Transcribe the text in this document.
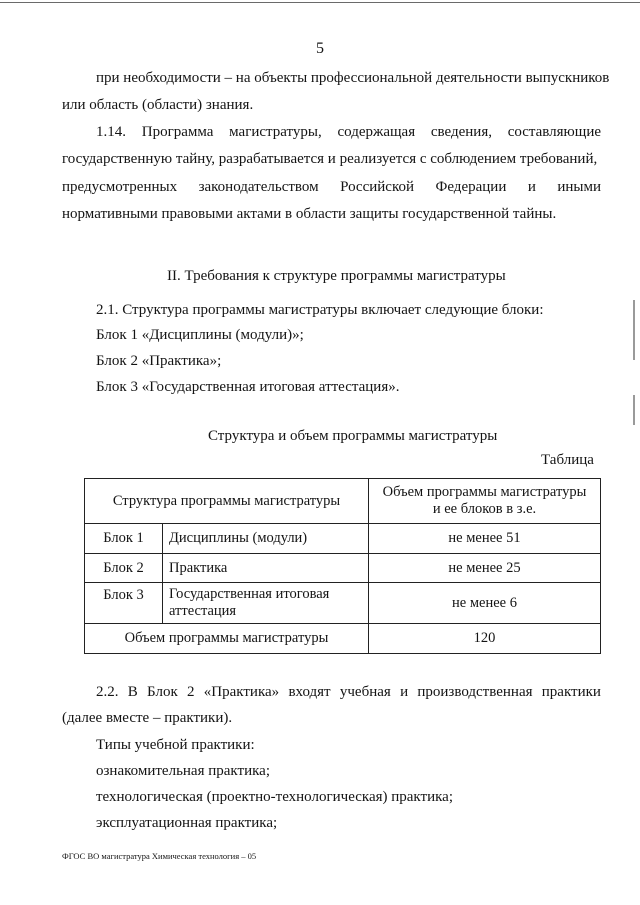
5
при необходимости – на объекты профессиональной деятельности выпускников
или область (области) знания.
1.14. Программа магистратуры, содержащая сведения, составляющие
государственную тайну, разрабатывается и реализуется с соблюдением требований,
предусмотренных законодательством Российской Федерации и иными
нормативными правовыми актами в области защиты государственной тайны.
II. Требования к структуре программы магистратуры
2.1. Структура программы магистратуры включает следующие блоки:
Блок 1 «Дисциплины (модули)»;
Блок 2 «Практика»;
Блок 3 «Государственная итоговая аттестация».
Структура и объем программы магистратуры
Таблица
Структура программы магистратуры		Объем программы магистратуры
и ее блоков в з.е.
Блок 1	Дисциплины (модули)	не менее 51
Блок 2	Практика	не менее 25
Блок 3	Государственная итоговая
аттестация	не менее 6
Объем программы магистратуры		120
2.2. В Блок 2 «Практика» входят учебная и производственная практики
(далее вместе – практики).
Типы учебной практики:
ознакомительная практика;
технологическая (проектно-технологическая) практика;
эксплуатационная практика;
ФГОС ВО магистратура Химическая технология – 05
